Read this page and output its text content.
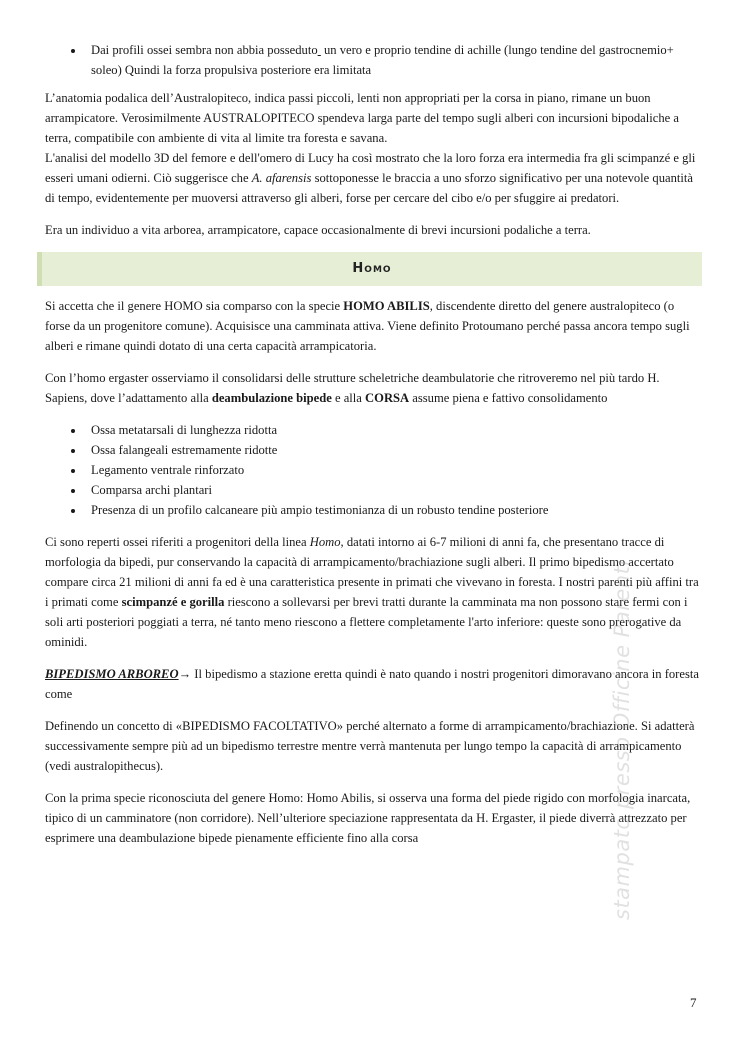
• Dai profili ossei sembra non abbia posseduto  un vero e proprio tendine di achille (lungo tendine del gastrocnemio+ soleo) Quindi la forza propulsiva posteriore era limitata

L’anatomia podalica dell’Australopiteco, indica passi piccoli, lenti non appropriati per la corsa in piano, rimane un buon arrampicatore. Verosimilmente AUSTRALOPITECO spendeva larga parte del tempo sugli alberi con incursioni bipodaliche a terra, compatibile con ambiente di vita al limite tra foresta e savana.

L'analisi del modello 3D del femore e dell'omero di Lucy ha così mostrato che la loro forza era intermedia fra gli scimpanzé e gli esseri umani odierni. Ciò suggerisce che A. afarensis sottoponesse le braccia a uno sforzo significativo per una notevole quantità di tempo, evidentemente per muoversi attraverso gli alberi, forse per cercare del cibo e/o per sfuggire ai predatori.

Era un individuo a vita arborea, arrampicatore, capace occasionalmente di brevi incursioni podaliche a terra.

Homo

Si accetta che il genere HOMO sia comparso con la specie HOMO ABILIS, discendente diretto del genere australopiteco (o forse da un progenitore comune). Acquisisce una camminata attiva. Viene definito Protoumano perché passa ancora tempo sugli alberi e rimane quindi dotato di una certa capacità arrampicatoria.

Con l’homo ergaster osserviamo il consolidarsi delle strutture scheletriche deambulatorie che ritroveremo nel più tardo H. Sapiens, dove l’adattamento alla deambulazione bipede e alla CORSA assume piena e fattivo consolidamento

• Ossa metatarsali di lunghezza ridotta
• Ossa falangeali estremamente ridotte
• Legamento ventrale rinforzato
• Comparsa archi plantari
• Presenza di un profilo calcaneare più ampio testimonianza di un robusto tendine posteriore

Ci sono reperti ossei riferiti a progenitori della linea Homo, datati intorno ai 6-7 milioni di anni fa, che presentano tracce di morfologia da bipedi, pur conservando la capacità di arrampicamento/brachiazione sugli alberi. Il primo bipedismo accertato compare circa 21 milioni di anni fa ed è una caratteristica presente in primati che vivevano in foresta. I nostri parenti più affini tra i primati come scimpanzé e gorilla riescono a sollevarsi per brevi tratti durante la camminata ma non possono stare fermi con i soli arti posteriori poggiati a terra, né tanto meno riescono a flettere completamente l'arto inferiore: queste sono prerogative da ominidi.

BIPEDISMO ARBOREO→ Il bipedismo a stazione eretta quindi è nato quando i nostri progenitori dimoravano ancora in foresta come

Definendo un concetto di «BIPEDISMO FACOLTATIVO» perché alternato a forme di arrampicamento/brachiazione. Si adatterà successivamente sempre più ad un bipedismo terrestre mentre verrà mantenuta per lungo tempo la capacità di arrampicamento (vedi australopithecus).

Con la prima specie riconosciuta del genere Homo: Homo Abilis, si osserva una forma del piede rigido con morfologia inarcata, tipico di un camminatore (non corridore). Nell’ulteriore speciazione rappresentata da H. Ergaster, il piede diverrà attrezzato per esprimere una deambulazione bipede pienamente efficiente fino alla corsa	stampato presso Officine Parenti
7
